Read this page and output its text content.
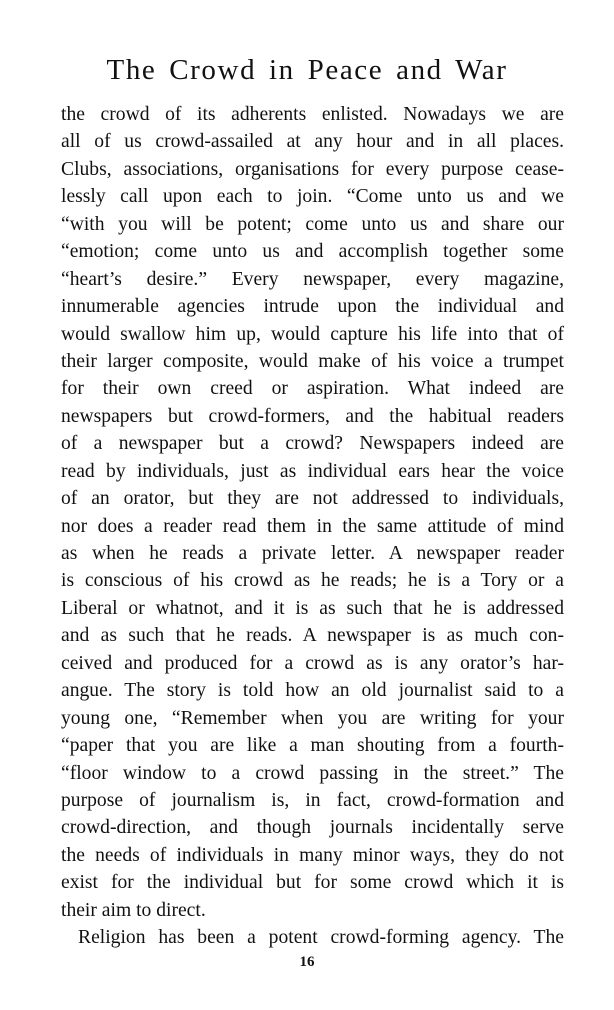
The Crowd in Peace and War
the crowd of its adherents enlisted. Nowadays we are
all of us crowd-assailed at any hour and in all places.
Clubs, associations, organisations for every purpose cease-
lessly call upon each to join. “Come unto us and we
“with you will be potent; come unto us and share our
“emotion; come unto us and accomplish together some
“heart’s desire.” Every newspaper, every magazine,
innumerable agencies intrude upon the individual and
would swallow him up, would capture his life into that of
their larger composite, would make of his voice a trumpet
for their own creed or aspiration. What indeed are
newspapers but crowd-formers, and the habitual readers
of a newspaper but a crowd? Newspapers indeed are
read by individuals, just as individual ears hear the voice
of an orator, but they are not addressed to individuals,
nor does a reader read them in the same attitude of mind
as when he reads a private letter. A newspaper reader
is conscious of his crowd as he reads; he is a Tory or a
Liberal or whatnot, and it is as such that he is addressed
and as such that he reads. A newspaper is as much con-
ceived and produced for a crowd as is any orator’s har-
angue. The story is told how an old journalist said to a
young one, “Remember when you are writing for your
“paper that you are like a man shouting from a fourth-
“floor window to a crowd passing in the street.” The
purpose of journalism is, in fact, crowd-formation and
crowd-direction, and though journals incidentally serve
the needs of individuals in many minor ways, they do not
exist for the individual but for some crowd which it is
their aim to direct.
Religion has been a potent crowd-forming agency. The
16
